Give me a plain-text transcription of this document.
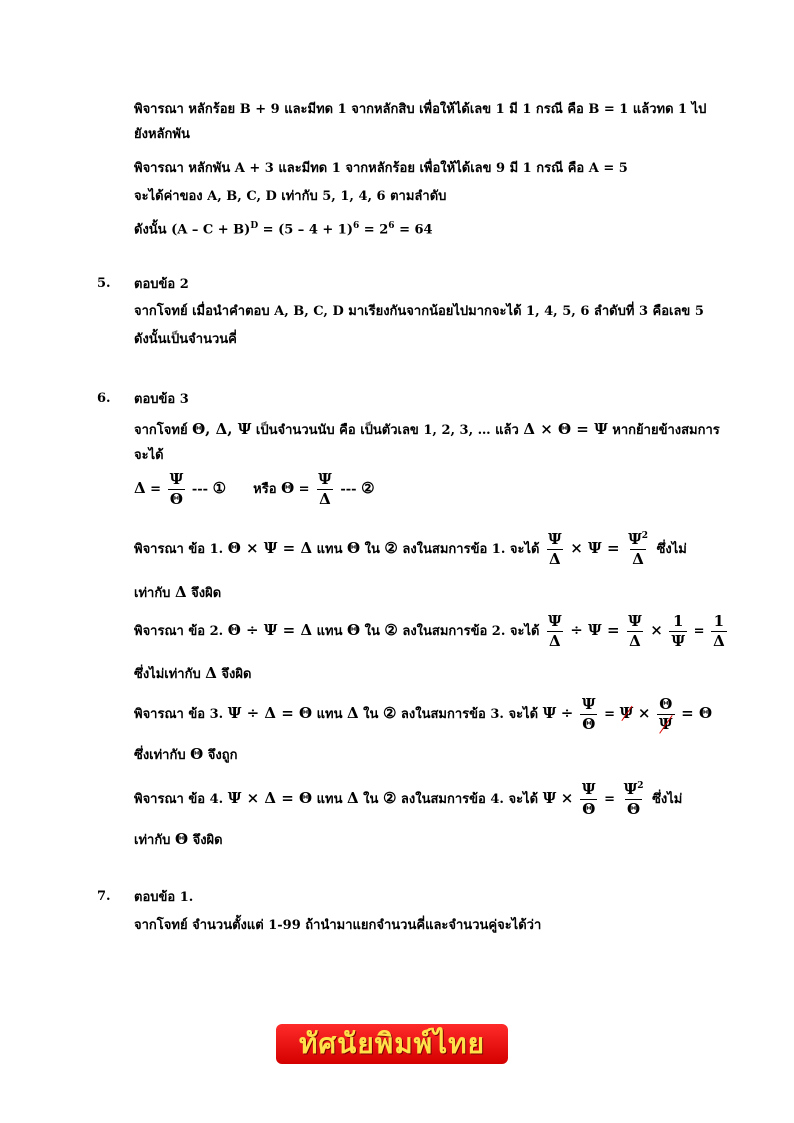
พิจารณา หลักร้อย B + 9 และมีทด 1 จากหลักสิบ เพื่อให้ได้เลข 1 มี 1 กรณี คือ B = 1 แล้วทด 1 ไป
ยังหลักพัน
พิจารณา หลักพัน A + 3 และมีทด 1 จากหลักร้อย เพื่อให้ได้เลข 9 มี 1 กรณี คือ A = 5
จะได้ค่าของ A, B, C, D เท่ากับ 5, 1, 4, 6 ตามลำดับ
ดังนั้น $(A - C + B)^D = (5 - 4 + 1)^6 = 2^6 = 64$
5. ตอบข้อ 2
จากโจทย์ เมื่อนำคำตอบ A, B, C, D มาเรียงกันจากน้อยไปมากจะได้ 1, 4, 5, 6 ลำดับที่ 3 คือเลข 5
ดังนั้นเป็นจำนวนคี่
6. ตอบข้อ 3
จากโจทย์ Θ, Δ, Ψ เป็นจำนวนนับ คือ เป็นตัวเลข 1, 2, 3, … แล้ว Δ × Θ = Ψ หากย้ายข้างสมการ
จะได้
$\Delta = \frac{\Psi}{\Theta}$ --- ① หรือ $\Theta = \frac{\Psi}{\Delta}$ --- ②
พิจารณา ข้อ 1. Θ × Ψ = Δ แทน Θ ใน ② ลงในสมการข้อ 1. จะได้ $\frac{\Psi}{\Delta} \times \Psi = \frac{\Psi^2}{\Delta}$ ซึ่งไม่
เท่ากับ Δ จึงผิด
พิจารณา ข้อ 2. Θ ÷ Ψ = Δ แทน Θ ใน ② ลงในสมการข้อ 2. จะได้ $\frac{\Psi}{\Delta} \div \Psi = \frac{\Psi}{\Delta} \times \frac{1}{\Psi} = \frac{1}{\Delta}$
ซึ่งไม่เท่ากับ Δ จึงผิด
พิจารณา ข้อ 3. Ψ ÷ Δ = Θ แทน Δ ใน ② ลงในสมการข้อ 3. จะได้ $\Psi \div \frac{\Psi}{\Theta} = \Psi \times \frac{\Theta}{\Psi} = \Theta$
ซึ่งเท่ากับ Θ จึงถูก
พิจารณา ข้อ 4. Ψ × Δ = Θ แทน Δ ใน ② ลงในสมการข้อ 4. จะได้ $\Psi \times \frac{\Psi}{\Theta} = \frac{\Psi^2}{\Theta}$ ซึ่งไม่
เท่ากับ Θ จึงผิด
7. ตอบข้อ 1.
จากโจทย์ จำนวนตั้งแต่ 1-99 ถ้านำมาแยกจำนวนคี่และจำนวนคู่จะได้ว่า
ทัศนัยพิมพ์ไทย
